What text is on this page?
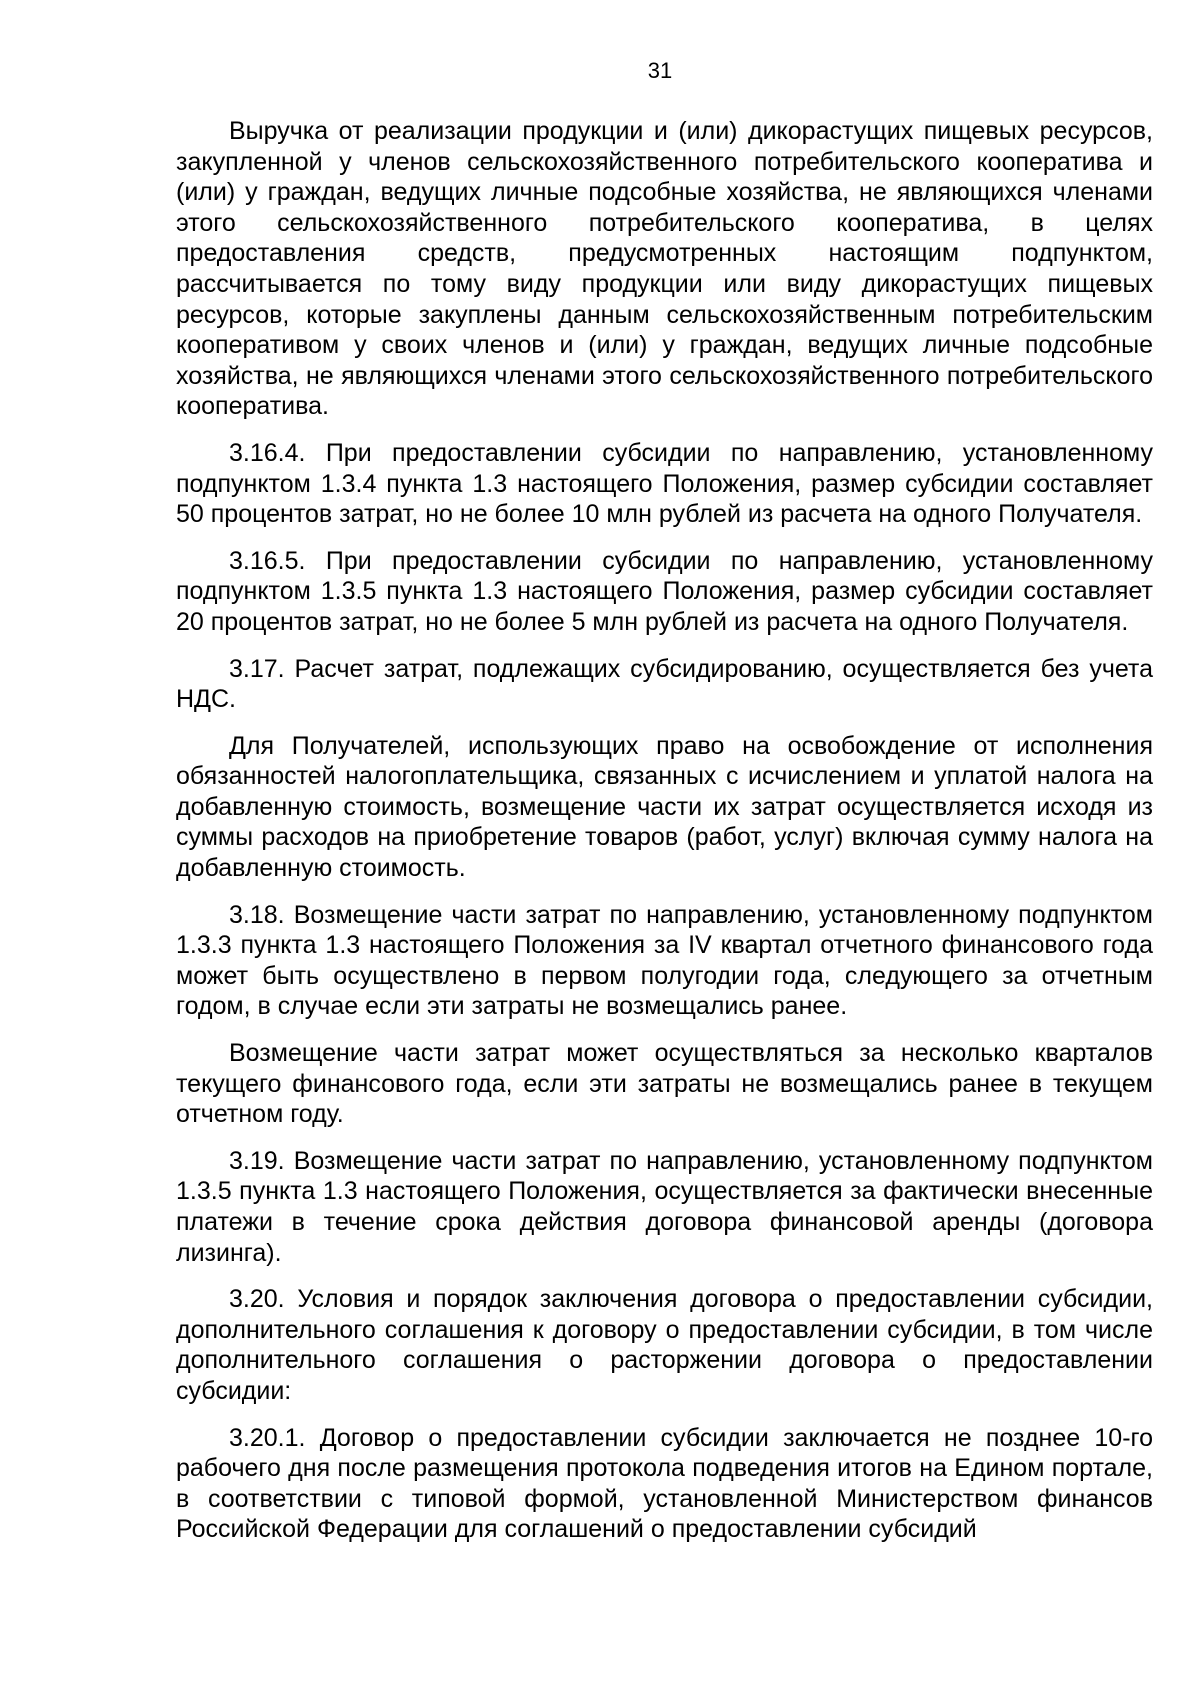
31

Выручка от реализации продукции и (или) дикорастущих пищевых ресурсов, закупленной у членов сельскохозяйственного потребительского кооператива и (или) у граждан, ведущих личные подсобные хозяйства, не являющихся членами этого сельскохозяйственного потребительского кооператива, в целях предоставления средств, предусмотренных настоящим подпунктом, рассчитывается по тому виду продукции или виду дикорастущих пищевых ресурсов, которые закуплены данным сельскохозяйственным потребительским кооперативом у своих членов и (или) у граждан, ведущих личные подсобные хозяйства, не являющихся членами этого сельскохозяйственного потребительского кооператива.

3.16.4. При предоставлении субсидии по направлению, установленному подпунктом 1.3.4 пункта 1.3 настоящего Положения, размер субсидии составляет 50 процентов затрат, но не более 10 млн рублей из расчета на одного Получателя.

3.16.5. При предоставлении субсидии по направлению, установленному подпунктом 1.3.5 пункта 1.3 настоящего Положения, размер субсидии составляет 20 процентов затрат, но не более 5 млн рублей из расчета на одного Получателя.

3.17. Расчет затрат, подлежащих субсидированию, осуществляется без учета НДС.

Для Получателей, использующих право на освобождение от исполнения обязанностей налогоплательщика, связанных с исчислением и уплатой налога на добавленную стоимость, возмещение части их затрат осуществляется исходя из суммы расходов на приобретение товаров (работ, услуг) включая сумму налога на добавленную стоимость.

3.18. Возмещение части затрат по направлению, установленному подпунктом 1.3.3 пункта 1.3 настоящего Положения за IV квартал отчетного финансового года может быть осуществлено в первом полугодии года, следующего за отчетным годом, в случае если эти затраты не возмещались ранее.

Возмещение части затрат может осуществляться за несколько кварталов текущего финансового года, если эти затраты не возмещались ранее в текущем отчетном году.

3.19. Возмещение части затрат по направлению, установленному подпунктом 1.3.5 пункта 1.3 настоящего Положения, осуществляется за фактически внесенные платежи в течение срока действия договора финансовой аренды (договора лизинга).

3.20. Условия и порядок заключения договора о предоставлении субсидии, дополнительного соглашения к договору о предоставлении субсидии, в том числе дополнительного соглашения о расторжении договора о предоставлении субсидии:

3.20.1. Договор о предоставлении субсидии заключается не позднее 10-го рабочего дня после размещения протокола подведения итогов на Едином портале, в соответствии с типовой формой, установленной Министерством финансов Российской Федерации для соглашений о предоставлении субсидий
